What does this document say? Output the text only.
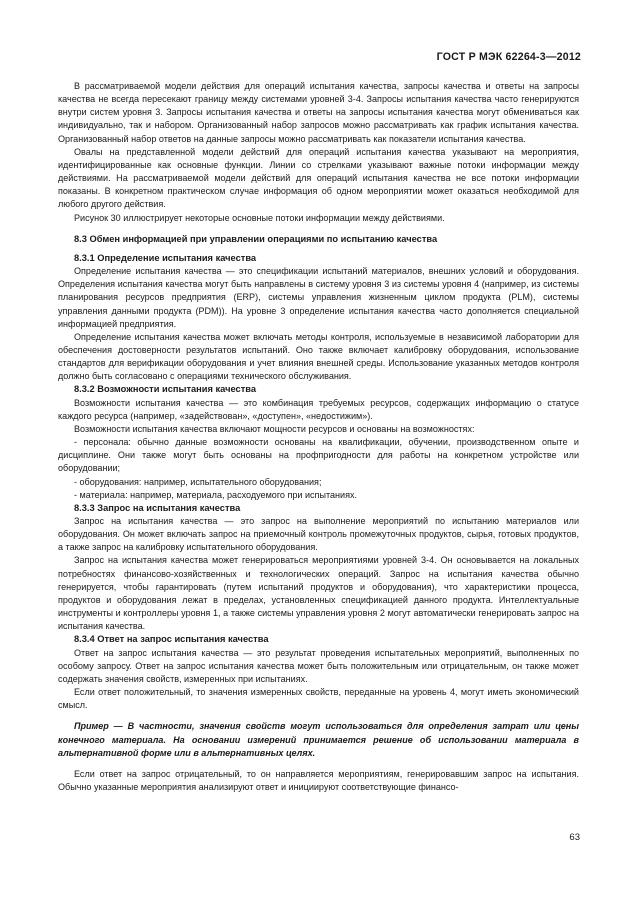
ГОСТ Р МЭК 62264-3—2012

В рассматриваемой модели действия для операций испытания качества, запросы качества и ответы на запросы качества не всегда пересекают границу между системами уровней 3-4. Запросы испытания качества часто генерируются внутри систем уровня 3. Запросы испытания качества и ответы на запросы испытания качества могут обмениваться как индивидуально, так и набором. Организованный набор запросов можно рассматривать как график испытания качества. Организованный набор ответов на данные запросы можно рассматривать как показатели испытания качества.

Овалы на представленной модели действий для операций испытания качества указывают на мероприятия, идентифицированные как основные функции. Линии со стрелками указывают важные потоки информации между действиями. На рассматриваемой модели действий для операций испытания качества не все потоки информации показаны. В конкретном практическом случае информация об одном мероприятии может оказаться необходимой для любого другого действия.

Рисунок 30 иллюстрирует некоторые основные потоки информации между действиями.

8.3 Обмен информацией при управлении операциями по испытанию качества
8.3.1 Определение испытания качества

Определение испытания качества — это спецификации испытаний материалов, внешних условий и оборудования. Определения испытания качества могут быть направлены в систему уровня 3 из системы уровня 4 (например, из системы планирования ресурсов предприятия (ERP), системы управления жизненным циклом продукта (PLM), системы управления данными продукта (PDM)). На уровне 3 определение испытания качества часто дополняется специальной информацией предприятия.

Определение испытания качества может включать методы контроля, используемые в независимой лаборатории для обеспечения достоверности результатов испытаний. Оно также включает калибровку оборудования, использование стандартов для верификации оборудования и учет влияния внешней среды. Использование указанных методов контроля должно быть согласовано с операциями технического обслуживания.

8.3.2 Возможности испытания качества

Возможности испытания качества — это комбинация требуемых ресурсов, содержащих информацию о статусе каждого ресурса (например, «задействован», «доступен», «недостижим»).

Возможности испытания качества включают мощности ресурсов и основаны на возможностях:

- персонала: обычно данные возможности основаны на квалификации, обучении, производственном опыте и дисциплине. Они также могут быть основаны на профпригодности для работы на конкретном устройстве или оборудовании;

- оборудования: например, испытательного оборудования;

- материала: например, материала, расходуемого при испытаниях.

8.3.3 Запрос на испытания качества

Запрос на испытания качества — это запрос на выполнение мероприятий по испытанию материалов или оборудования. Он может включать запрос на приемочный контроль промежуточных продуктов, сырья, готовых продуктов, а также запрос на калибровку испытательного оборудования.

Запрос на испытания качества может генерироваться мероприятиями уровней 3-4. Он основывается на локальных потребностях финансово-хозяйственных и технологических операций. Запрос на испытания качества обычно генерируется, чтобы гарантировать (путем испытаний продуктов и оборудования), что характеристики процесса, продуктов и оборудования лежат в пределах, установленных спецификацией данного продукта. Интеллектуальные инструменты и контроллеры уровня 1, а также системы управления уровня 2 могут автоматически генерировать запрос на испытания качества.

8.3.4 Ответ на запрос испытания качества

Ответ на запрос испытания качества — это результат проведения испытательных мероприятий, выполненных по особому запросу. Ответ на запрос испытания качества может быть положительным или отрицательным, он также может содержать значения свойств, измеренных при испытаниях.

Если ответ положительный, то значения измеренных свойств, переданные на уровень 4, могут иметь экономический смысл.

Пример — В частности, значения свойств могут использоваться для определения затрат или цены конечного материала. На основании измерений принимается решение об использовании материала в альтернативной форме или в альтернативных целях.

Если ответ на запрос отрицательный, то он направляется мероприятиям, генерировавшим запрос на испытания. Обычно указанные мероприятия анализируют ответ и инициируют соответствующие финансо-

63
